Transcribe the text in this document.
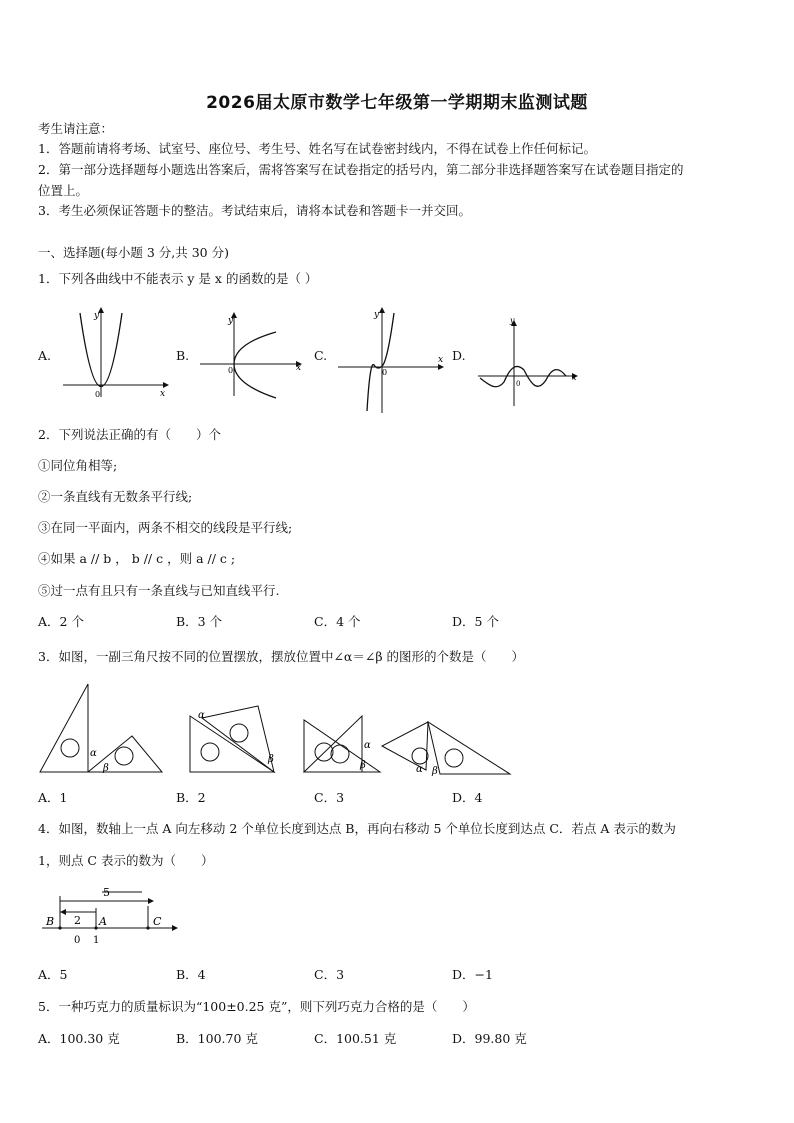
2026届太原市数学七年级第一学期期末监测试题
考生请注意：
1．答题前请将考场、试室号、座位号、考生号、姓名写在试卷密封线内，不得在试卷上作任何标记。
2．第一部分选择题每小题选出答案后，需将答案写在试卷指定的括号内，第二部分非选择题答案写在试卷题目指定的
位置上。
3．考生必须保证答题卡的整洁。考试结束后，请将本试卷和答题卡一并交回。
一、选择题(每小题 3 分,共 30 分)
1．下列各曲线中不能表示 y 是 x 的函数的是（ ）
A.
x
y
0
B.
x
y
0
C.	x
y
0
D.
x
y
0
2．下列说法正确的有（　　）个
①同位角相等;
②一条直线有无数条平行线;
③在同一平面内，两条不相交的线段是平行线;
④如果 a // b ， b // c ，则 a // c ;
⑤过一点有且只有一条直线与已知直线平行.
A．2 个	B．3 个	C．4 个	D．5 个
3．如图，一副三角尺按不同的位置摆放，摆放位置中∠α＝∠β 的图形的个数是（　　）
α
β
α
β
α
β	α β
A．1	B．2	C．3	D．4
4．如图，数轴上一点 A 向左移动 2 个单位长度到达点 B，再向右移动 5 个单位长度到达点 C．若点 A 表示的数为
1，则点 C 表示的数为（　　）
5
2
B	A	C
0 1
A．5	B．4	C．3	D．−1
5．一种巧克力的质量标识为“100±0.25 克”，则下列巧克力合格的是（　　）
A．100.30 克	B．100.70 克	C．100.51 克	D．99.80 克
